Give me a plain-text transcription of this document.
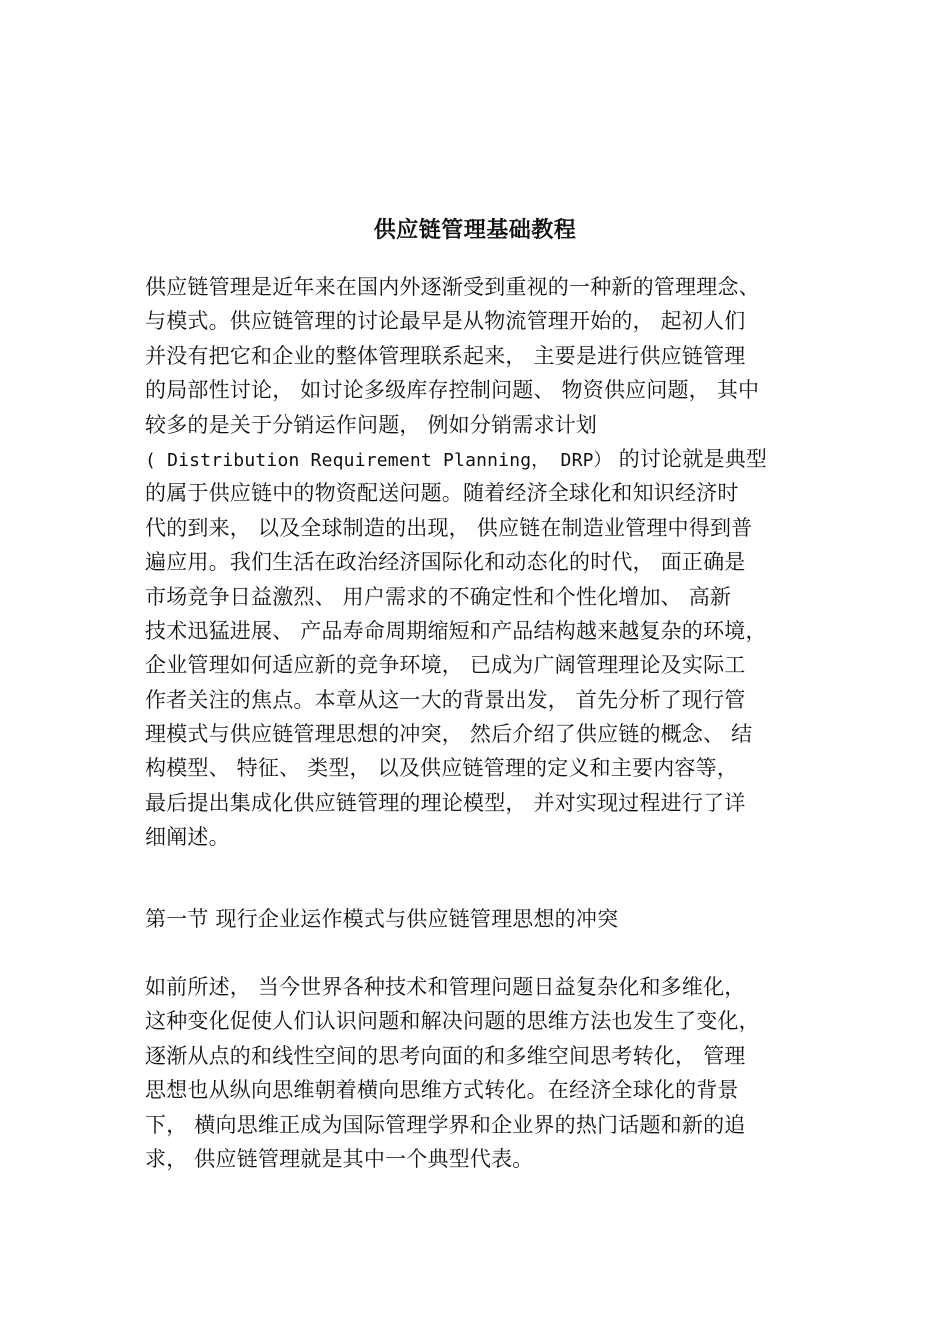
供应链管理基础教程
供应链管理是近年来在国内外逐渐受到重视的一种新的管理理念、
与模式。供应链管理的讨论最早是从物流管理开始的， 起初人们
并没有把它和企业的整体管理联系起来， 主要是进行供应链管理
的局部性讨论， 如讨论多级库存控制问题、 物资供应问题， 其中
较多的是关于分销运作问题， 例如分销需求计划
( Distribution Requirement Planning， DRP） 的讨论就是典型
的属于供应链中的物资配送问题。随着经济全球化和知识经济时
代的到来， 以及全球制造的出现， 供应链在制造业管理中得到普
遍应用。我们生活在政治经济国际化和动态化的时代， 面正确是
市场竞争日益激烈、 用户需求的不确定性和个性化增加、 高新
技术迅猛进展、 产品寿命周期缩短和产品结构越来越复杂的环境，
企业管理如何适应新的竞争环境， 已成为广阔管理理论及实际工
作者关注的焦点。本章从这一大的背景出发， 首先分析了现行管
理模式与供应链管理思想的冲突， 然后介绍了供应链的概念、 结
构模型、 特征、 类型， 以及供应链管理的定义和主要内容等，
最后提出集成化供应链管理的理论模型， 并对实现过程进行了详
细阐述。
第一节 现行企业运作模式与供应链管理思想的冲突
如前所述， 当今世界各种技术和管理问题日益复杂化和多维化，
这种变化促使人们认识问题和解决问题的思维方法也发生了变化，
逐渐从点的和线性空间的思考向面的和多维空间思考转化， 管理
思想也从纵向思维朝着横向思维方式转化。在经济全球化的背景
下， 横向思维正成为国际管理学界和企业界的热门话题和新的追
求， 供应链管理就是其中一个典型代表。
